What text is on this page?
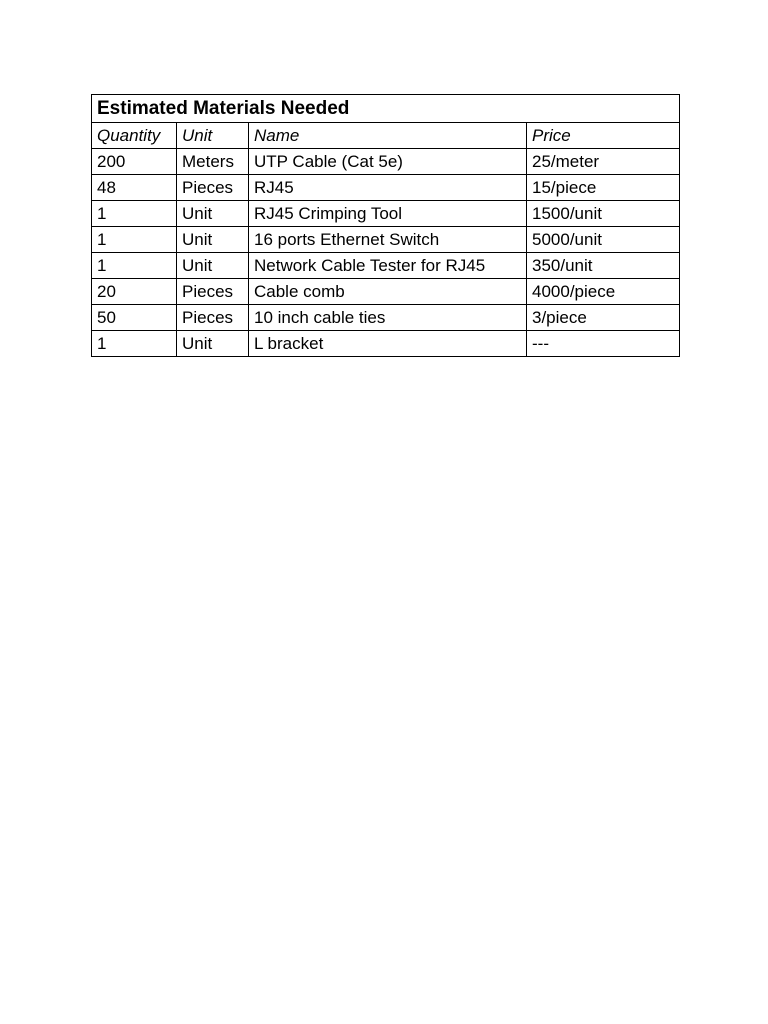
Estimated Materials Needed			
Quantity	Unit	Name	Price
200	Meters	UTP Cable (Cat 5e)	25/meter
48	Pieces	RJ45	15/piece
1	Unit	RJ45 Crimping Tool	1500/unit
1	Unit	16 ports Ethernet Switch	5000/unit
1	Unit	Network Cable Tester for RJ45	350/unit
20	Pieces	Cable comb	4000/piece
50	Pieces	10 inch cable ties	3/piece
1	Unit	L bracket	---
